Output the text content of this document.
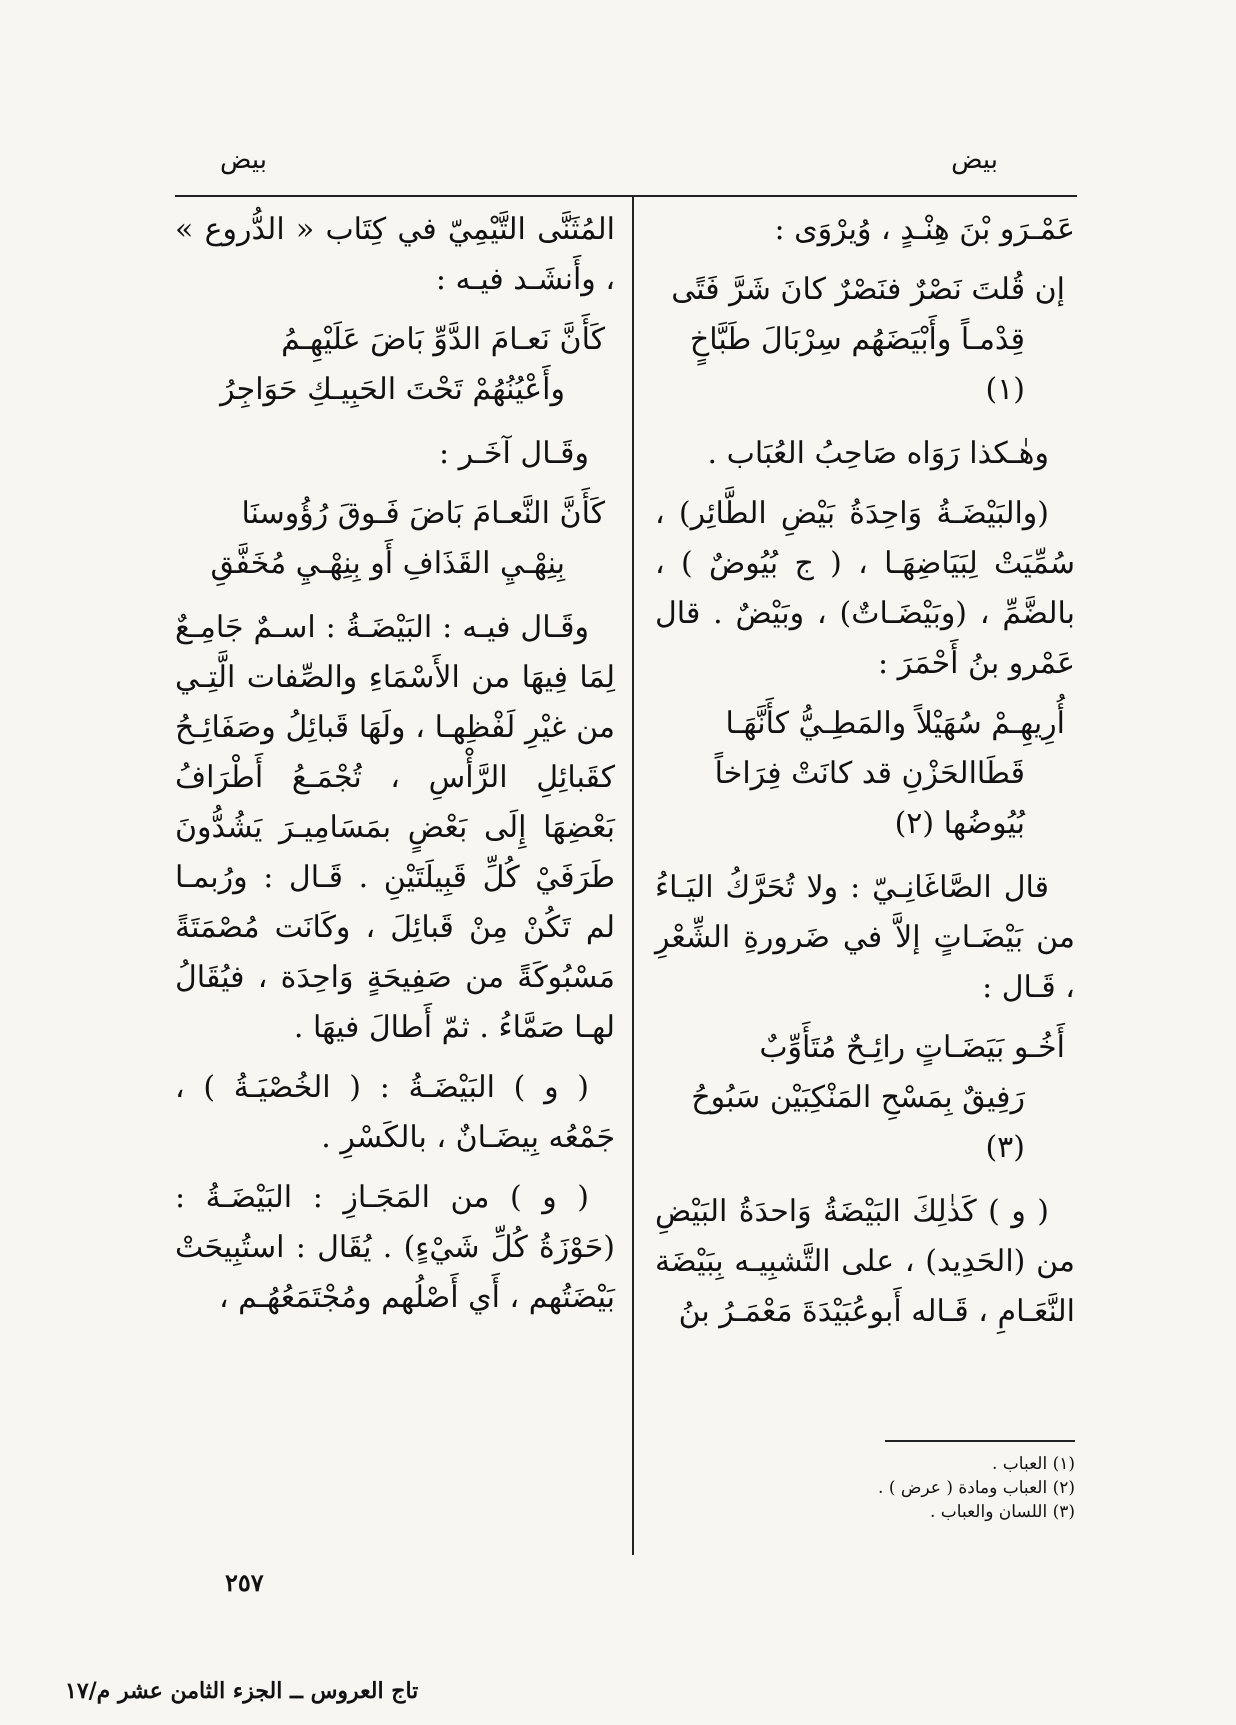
بيض
بيض

عَمْـرَو بْنَ هِنْـدٍ ، وُيرْوَى :

إن قُلتَ نَصْرٌ فنَصْرٌ كانَ شَرَّ فَتًى
قِدْمـاً وأَبْيَضَهُم سِرْبَالَ طَبَّاخٍ (١)

وهٰـكذا رَوَاه صَاحِبُ العُبَاب .

(والبَيْضَـةُ وَاحِدَةُ بَيْضِ الطَّائِر) ، سُمِّيَتْ لِبَيَاضِهَـا ، ( ج بُيُوضٌ ) ، بالضَّمِّ ، (وبَيْضَـاتٌ) ، وبَيْضٌ . قال عَمْرو بنُ أَحْمَرَ :

أُرِيهِـمْ سُهَيْلاً والمَطِـيُّ كأَنَّهَـا
قَطَاالحَزْنِ قد كانَتْ فِرَاخاً بُيُوضُها (٢)

قال الصَّاغَانِـيّ : ولا تُحَرَّكُ اليَـاءُ من بَيْضَـاتٍ إلاَّ في ضَرورةِ الشِّعْرِ ، قَـال :

أَخُـو بَيَضَـاتٍ رائِـحٌ مُتَأَوِّبٌ
رَفِيقٌ بِمَسْحِ المَنْكِبَيْن سَبُوحُ (٣)

( و ) كَذٰلِكَ البَيْضَةُ وَاحدَةُ البَيْضِ من (الحَدِيد) ، على التَّشبِيـه بِبَيْضَة النَّعَـامِ ، قَـاله أَبوعُبَيْدَةَ مَعْمَـرُ بنُ

المُثَنَّى التَّيْمِيّ في كِتَاب « الدُّروع » ، وأَنشَـد فيـه :

كَأَنَّ نَعـامَ الدَّوِّ بَاضَ عَلَيْهِـمُ
وأَعْيُنُهُمْ تَحْتَ الحَبِيـكِ حَوَاجِرُ

وقَـال آخَـر :

كَأَنَّ النَّعـامَ بَاضَ فَـوقَ رُؤُوسنَا
بِنِهْـيِ القَذَافِ أَو بِنِهْـيِ مُخَفَّقِ

وقَـال فيـه : البَيْضَـةُ : اسـمٌ جَامِـعٌ لِمَا فِيهَا من الأَسْمَاءِ والصِّفات الَّتِـي من غيْرِ لَفْظِهـا ، ولَهَا قَبائِلُ وصَفَائِـحُ كقَبائِلِ الرَّأْسِ ، تُجْمَـعُ أَطْرَافُ بَعْضِهَا إِلَى بَعْضٍ بمَسَامِيـرَ يَشُدُّونَ طَرَفَيْ كُلِّ قَبِيلَتَيْنِ . قَـال : ورُبمـا لم تَكُنْ مِنْ قَبائِلَ ، وكَانَت مُصْمَتَةً مَسْبُوكَةً من صَفِيحَةٍ وَاحِدَة ، فيُقَالُ لهـا صَمَّاءُ . ثمّ أَطالَ فيهَا .

( و ) البَيْضَـةُ : ( الخُصْيَـةُ ) ، جَمْعُه بِيضَـانٌ ، بالكَسْرِ .

( و ) من المَجَـازِ : البَيْضَـةُ : (حَوْزَةُ كُلِّ شَيْءٍ) . يُقَال : استُبِيحَتْ بَيْضَتُهم ، أَي أَصْلُهم ومُجْتَمَعُهُـم ،

(١) العباب .
(٢) العباب ومادة ( عرض ) .
(٣) اللسان والعباب .
٢٥٧
تاج العروس ــ الجزء الثامن عشر م/١٧
